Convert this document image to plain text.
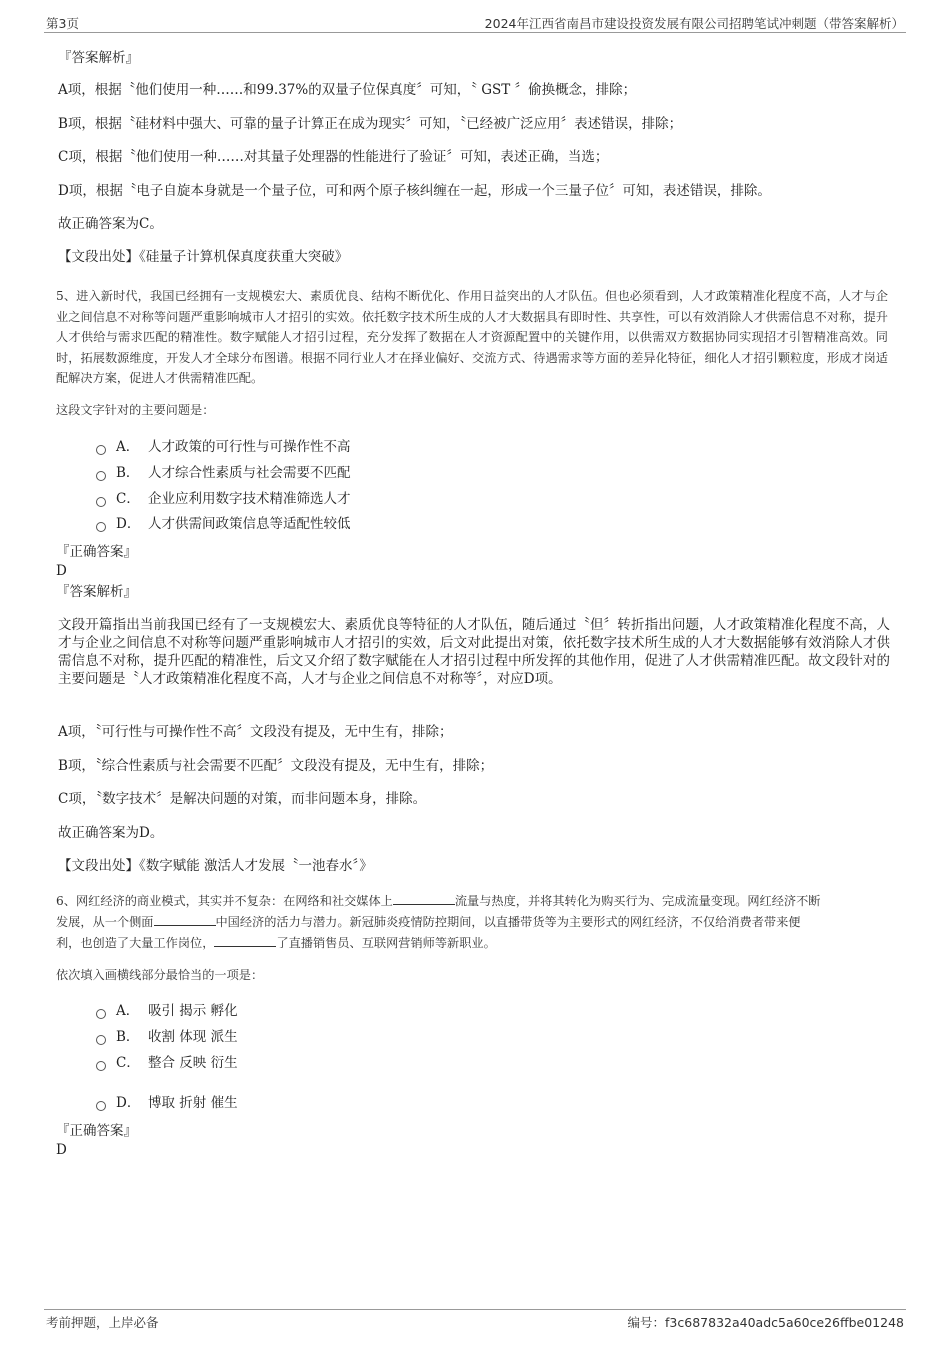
第3页	2024年江西省南昌市建设投资发展有限公司招聘笔试冲刺题（带答案解析）
『答案解析』
A项，根据〝他们使用一种……和99.37%的双量子位保真度〞可知，〝 GST 〞偷换概念，排除；
B项，根据〝硅材料中强大、可靠的量子计算正在成为现实〞可知，〝已经被广泛应用〞表述错误，排除；
C项，根据〝他们使用一种……对其量子处理器的性能进行了验证〞可知，表述正确，当选；
D项，根据〝电子自旋本身就是一个量子位，可和两个原子核纠缠在一起，形成一个三量子位〞可知，表述错误，排除。
故正确答案为C。
【文段出处】《硅量子计算机保真度获重大突破》
5、进入新时代，我国已经拥有一支规模宏大、素质优良、结构不断优化、作用日益突出的人才队伍。但也必须看到，人才政策精准化程度不高，人才与企业之间信息不对称等问题严重影响城市人才招引的实效。依托数字技术所生成的人才大数据具有即时性、共享性，可以有效消除人才供需信息不对称，提升人才供给与需求匹配的精准性。数字赋能人才招引过程，充分发挥了数据在人才资源配置中的关键作用，以供需双方数据协同实现招才引智精准高效。同时，拓展数源维度，开发人才全球分布图谱。根据不同行业人才在择业偏好、交流方式、待遇需求等方面的差异化特征，细化人才招引颗粒度，形成才岗适配解决方案，促进人才供需精准匹配。
这段文字针对的主要问题是：
A． 人才政策的可行性与可操作性不高
B． 人才综合性素质与社会需要不匹配
C． 企业应利用数字技术精准筛选人才
D． 人才供需间政策信息等适配性较低
『正确答案』
D
『答案解析』
文段开篇指出当前我国已经有了一支规模宏大、素质优良等特征的人才队伍，随后通过〝但〞转折指出问题，人才政策精准化程度不高，人才与企业之间信息不对称等问题严重影响城市人才招引的实效，后文对此提出对策，依托数字技术所生成的人才大数据能够有效消除人才供需信息不对称，提升匹配的精准性，后文又介绍了数字赋能在人才招引过程中所发挥的其他作用，促进了人才供需精准匹配。故文段针对的主要问题是〝人才政策精准化程度不高，人才与企业之间信息不对称等〞，对应D项。
A项，〝可行性与可操作性不高〞文段没有提及，无中生有，排除；
B项，〝综合性素质与社会需要不匹配〞文段没有提及，无中生有，排除；
C项，〝数字技术〞是解决问题的对策，而非问题本身，排除。
故正确答案为D。
【文段出处】《数字赋能 激活人才发展〝一池春水〞》
6、网红经济的商业模式，其实并不复杂：在网络和社交媒体上	流量与热度，并将其转化为购买行为、完成流量变现。网红经济不断
发展，从一个侧面	中国经济的活力与潜力。新冠肺炎疫情防控期间，以直播带货等为主要形式的网红经济，不仅给消费者带来便
利，也创造了大量工作岗位，	了直播销售员、互联网营销师等新职业。
依次填入画横线部分最恰当的一项是：
A． 吸引 揭示 孵化
B． 收割 体现 派生
C． 整合 反映 衍生
D． 博取 折射 催生
『正确答案』
D
考前押题，上岸必备	编号：f3c687832a40adc5a60ce26ffbe01248
